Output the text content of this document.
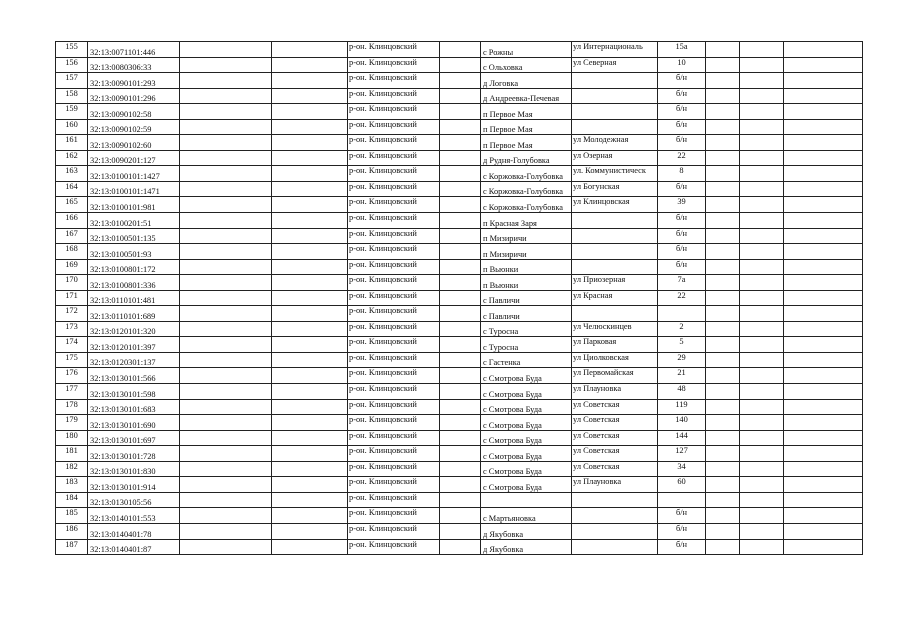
155	32:13:0071101:446			р-он. Клинцовский		с Рожны	ул Интернациональ	15а			
156	32:13:0080306:33			р-он. Клинцовский		с Ольховка	ул Северная	10			
157	32:13:0090101:293			р-он. Клинцовский		д Логовка		б/н			
158	32:13:0090101:296			р-он. Клинцовский		д Андреевка-Печевая		б/н			
159	32:13:0090102:58			р-он. Клинцовский		п Первое Мая		б/н			
160	32:13:0090102:59			р-он. Клинцовский		п Первое Мая		б/н			
161	32:13:0090102:60			р-он. Клинцовский		п Первое Мая	ул Молодежная	б/н			
162	32:13:0090201:127			р-он. Клинцовский		д Рудня-Голубовка	ул Озерная	22			
163	32:13:0100101:1427			р-он. Клинцовский		с Коржовка-Голубовка	ул. Коммунистическ	8			
164	32:13:0100101:1471			р-он. Клинцовский		с Коржовка-Голубовка	ул Богунская	б/н			
165	32:13:0100101:981			р-он. Клинцовский		с Коржовка-Голубовка	ул Клинцовская	39			
166	32:13:0100201:51			р-он. Клинцовский		п Красная Заря		б/н			
167	32:13:0100501:135			р-он. Клинцовский		п Мизиричи		б/н			
168	32:13:0100501:93			р-он. Клинцовский		п Мизиричи		б/н			
169	32:13:0100801:172			р-он. Клинцовский		п Вьюнки		б/н			
170	32:13:0100801:336			р-он. Клинцовский		п Вьюнки	ул Приозерная	7а			
171	32:13:0110101:481			р-он. Клинцовский		с Павличи	ул Красная	22			
172	32:13:0110101:689			р-он. Клинцовский		с Павличи					
173	32:13:0120101:320			р-он. Клинцовский		с Туросна	ул Челюскинцев	2			
174	32:13:0120101:397			р-он. Клинцовский		с Туросна	ул Парковая	5			
175	32:13:0120301:137			р-он. Клинцовский		с Гастенка	ул Циолковская	29			
176	32:13:0130101:566			р-он. Клинцовский		с Смотрова Буда	ул Первомайская	21			
177	32:13:0130101:598			р-он. Клинцовский		с Смотрова Буда	ул Плауновка	48			
178	32:13:0130101:683			р-он. Клинцовский		с Смотрова Буда	ул Советская	119			
179	32:13:0130101:690			р-он. Клинцовский		с Смотрова Буда	ул Советская	140			
180	32:13:0130101:697			р-он. Клинцовский		с Смотрова Буда	ул Советская	144			
181	32:13:0130101:728			р-он. Клинцовский		с Смотрова Буда	ул Советская	127			
182	32:13:0130101:830			р-он. Клинцовский		с Смотрова Буда	ул Советская	34			
183	32:13:0130101:914			р-он. Клинцовский		с Смотрова Буда	ул Плауновка	60			
184	32:13:0130105:56			р-он. Клинцовский							
185	32:13:0140101:553			р-он. Клинцовский		с Мартьяновка		б/н			
186	32:13:0140401:78			р-он. Клинцовский		д Якубовка		б/н			
187	32:13:0140401:87			р-он. Клинцовский		д Якубовка		б/н			
